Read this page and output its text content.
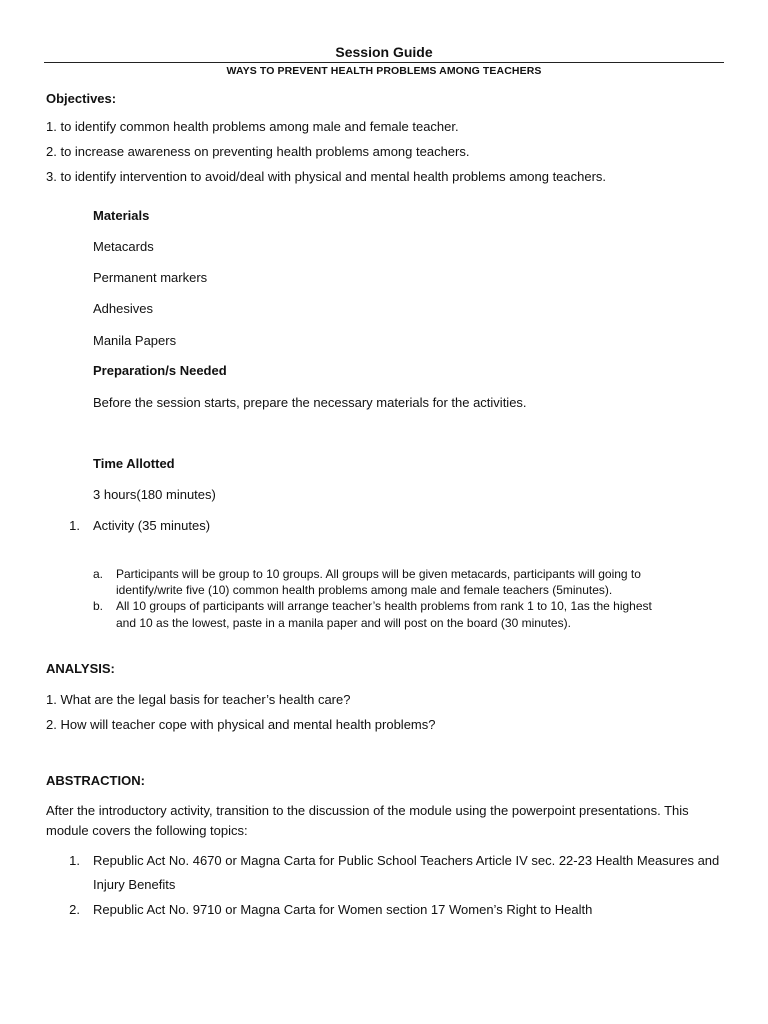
Session Guide
WAYS TO PREVENT HEALTH PROBLEMS AMONG TEACHERS
Objectives:
1. to identify common health problems among male and female teacher.
2. to increase awareness on preventing health problems among teachers.
3. to identify intervention to avoid/deal with physical and mental health problems among teachers.
Materials
Metacards
Permanent markers
Adhesives
Manila Papers
Preparation/s Needed
Before the session starts, prepare the necessary materials for the activities.
Time Allotted
3 hours(180 minutes)
1. Activity (35 minutes)
a. Participants will be group to 10 groups. All groups will be given metacards, participants will going to
identify/write five (10) common health problems among male and female teachers (5minutes).
b. All 10 groups of participants will arrange teacher’s health problems from rank 1 to 10, 1as the highest
and 10 as the lowest, paste in a manila paper and will post on the board (30 minutes).
ANALYSIS:
1. What are the legal basis for teacher’s health care?
2. How will teacher cope with physical and mental health problems?
ABSTRACTION:
After the introductory activity, transition to the discussion of the module using the powerpoint presentations. This
module covers the following topics:
1. Republic Act No. 4670 or Magna Carta for Public School Teachers Article IV sec. 22-23 Health Measures and
Injury Benefits
2. Republic Act No. 9710 or Magna Carta for Women section 17 Women’s Right to Health
